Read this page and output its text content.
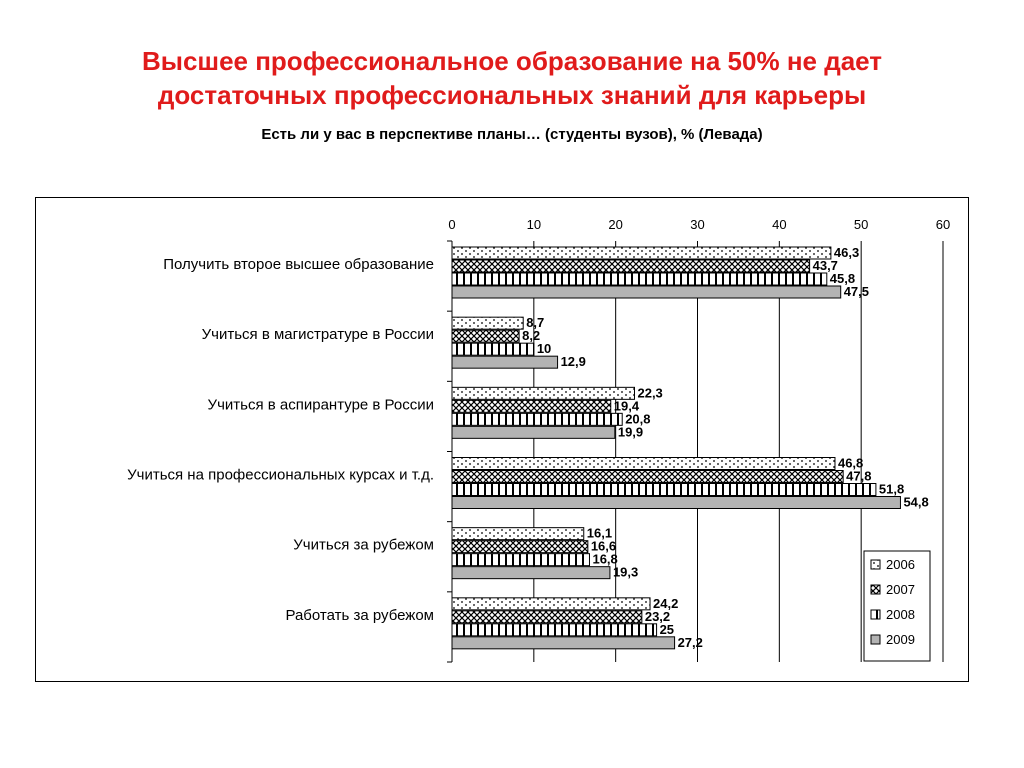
Высшее профессиональное образование на 50% не дает
достаточных профессиональных знаний для карьеры
Есть ли у вас в перспективе планы… (студенты вузов), % (Левада)
0	10	20	30	40	50	60
46,3
43,7
45,8
47,5
Получить второе высшее образование
8,7
8,2
10
12,9
Учиться в магистратуре в России
22,3
19,4
20,8
19,9
Учиться в аспирантуре в России
46,8
47,8
51,8
54,8
Учиться на профессиональных курсах и т.д.
16,1
16,6
16,8
19,3
Учиться за рубежом
24,2
23,2
25
27,2
Работать за рубежом
2006
2007
2008
2009
